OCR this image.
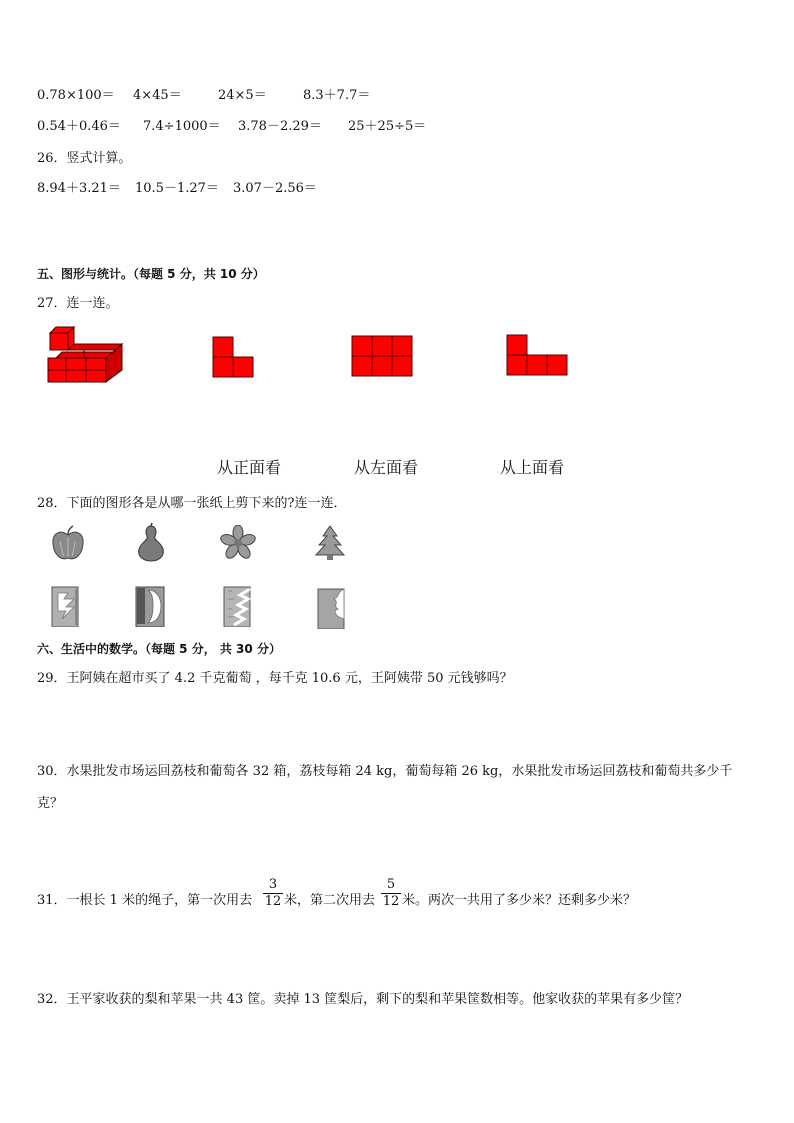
0.78×100＝ 4×45＝	24×5＝	8.3＋7.7＝
0.54＋0.46＝ 7.4÷1000＝ 3.78－2.29＝ 25＋25÷5＝
26．竖式计算。
8.94＋3.21＝ 10.5－1.27＝ 3.07－2.56＝
五、图形与统计。（每题 5 分，共 10 分）
27．连一连。
从正面看	从左面看	从上面看
28．下面的图形各是从哪一张纸上剪下来的?连一连．
六、生活中的数学。（每题 5 分， 共 30 分）
29．王阿姨在超市买了 4.2 千克葡萄 ，每千克 10.6 元，王阿姨带 50 元钱够吗？
30．水果批发市场运回荔枝和葡萄各 32 箱，荔枝每箱 24 kg，葡萄每箱 26 kg，水果批发市场运回荔枝和葡萄共多少千
克？
31．一根长 1 米的绳子，第一次用去 $\frac{3}{12}$ 米，第二次用去 $\frac{5}{12}$ 米。两次一共用了多少米？还剩多少米？
32．王平家收获的梨和苹果一共 43 筐。卖掉 13 筐梨后，剩下的梨和苹果筐数相等。他家收获的苹果有多少筐？
